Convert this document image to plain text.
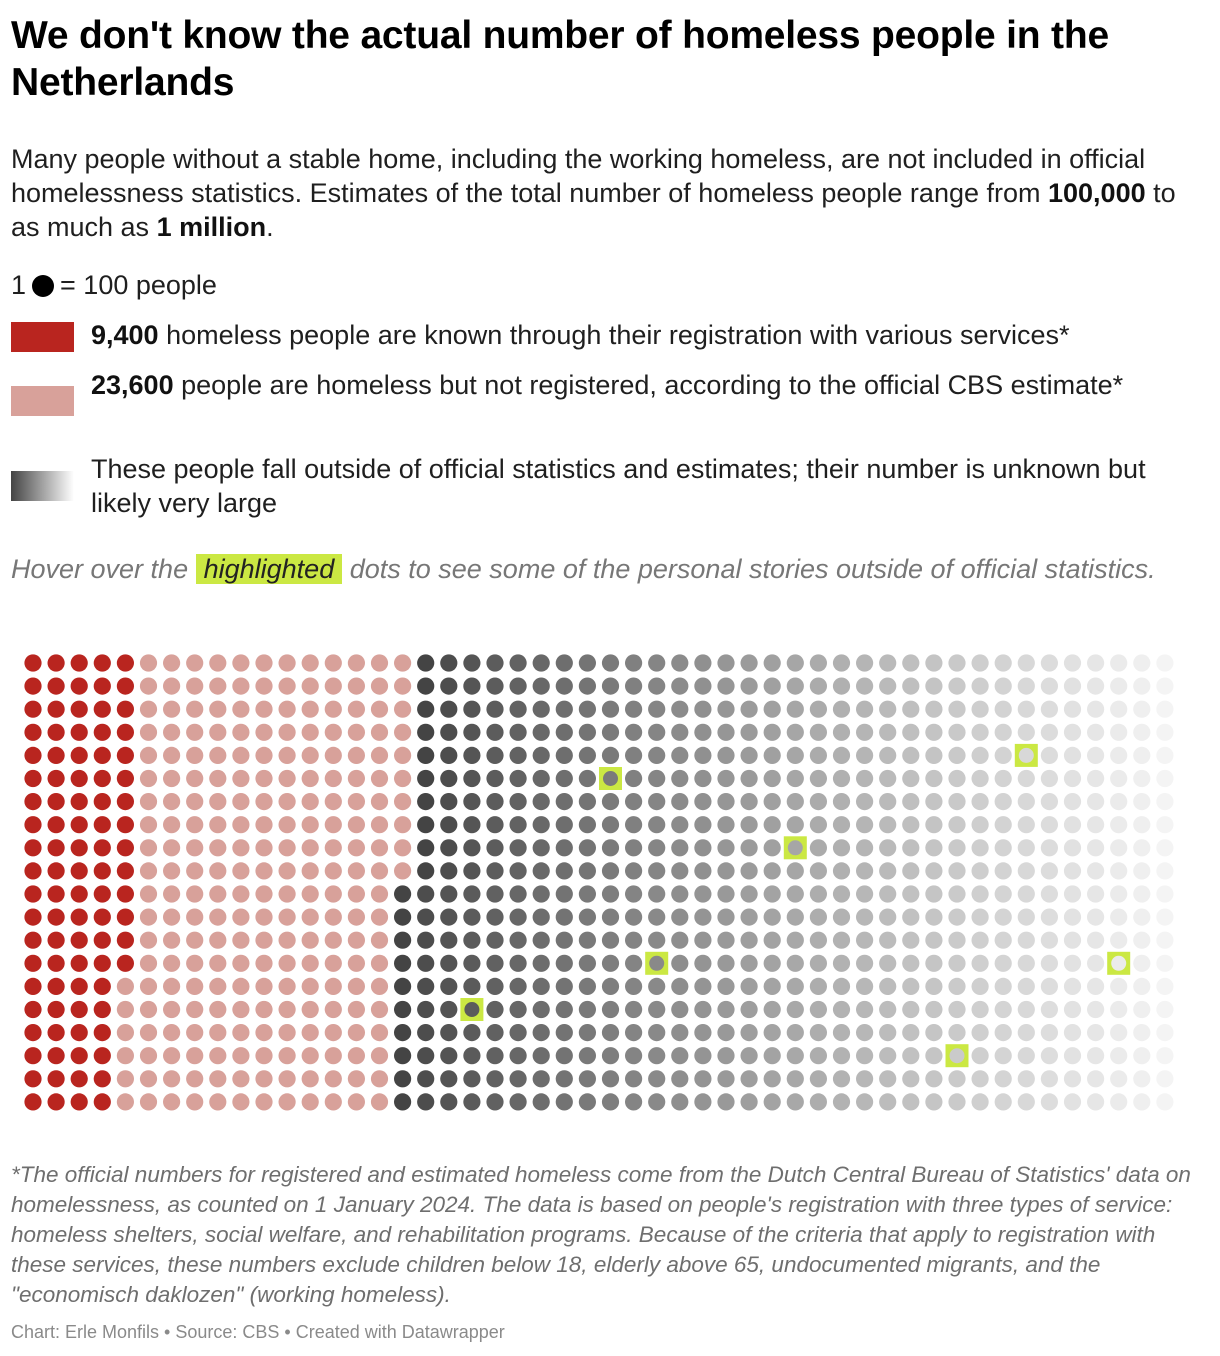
We don't know the actual number of homeless people in the Netherlands

Many people without a stable home, including the working homeless, are not included in official homelessness statistics. Estimates of the total number of homeless people range from 100,000 to as much as 1 million.

1 = 100 people
9,400 homeless people are known through their registration with various services*
23,600 people are homeless but not registered, according to the official CBS estimate*
These people fall outside of official statistics and estimates; their number is unknown but likely very large

Hover over the highlighted dots to see some of the personal stories outside of official statistics.

*The official numbers for registered and estimated homeless come from the Dutch Central Bureau of Statistics' data on homelessness, as counted on 1 January 2024. The data is based on people's registration with three types of service: homeless shelters, social welfare, and rehabilitation programs. Because of the criteria that apply to registration with these services, these numbers exclude children below 18, elderly above 65, undocumented migrants, and the "economisch daklozen" (working homeless).

Chart: Erle Monfils • Source: CBS • Created with Datawrapper
